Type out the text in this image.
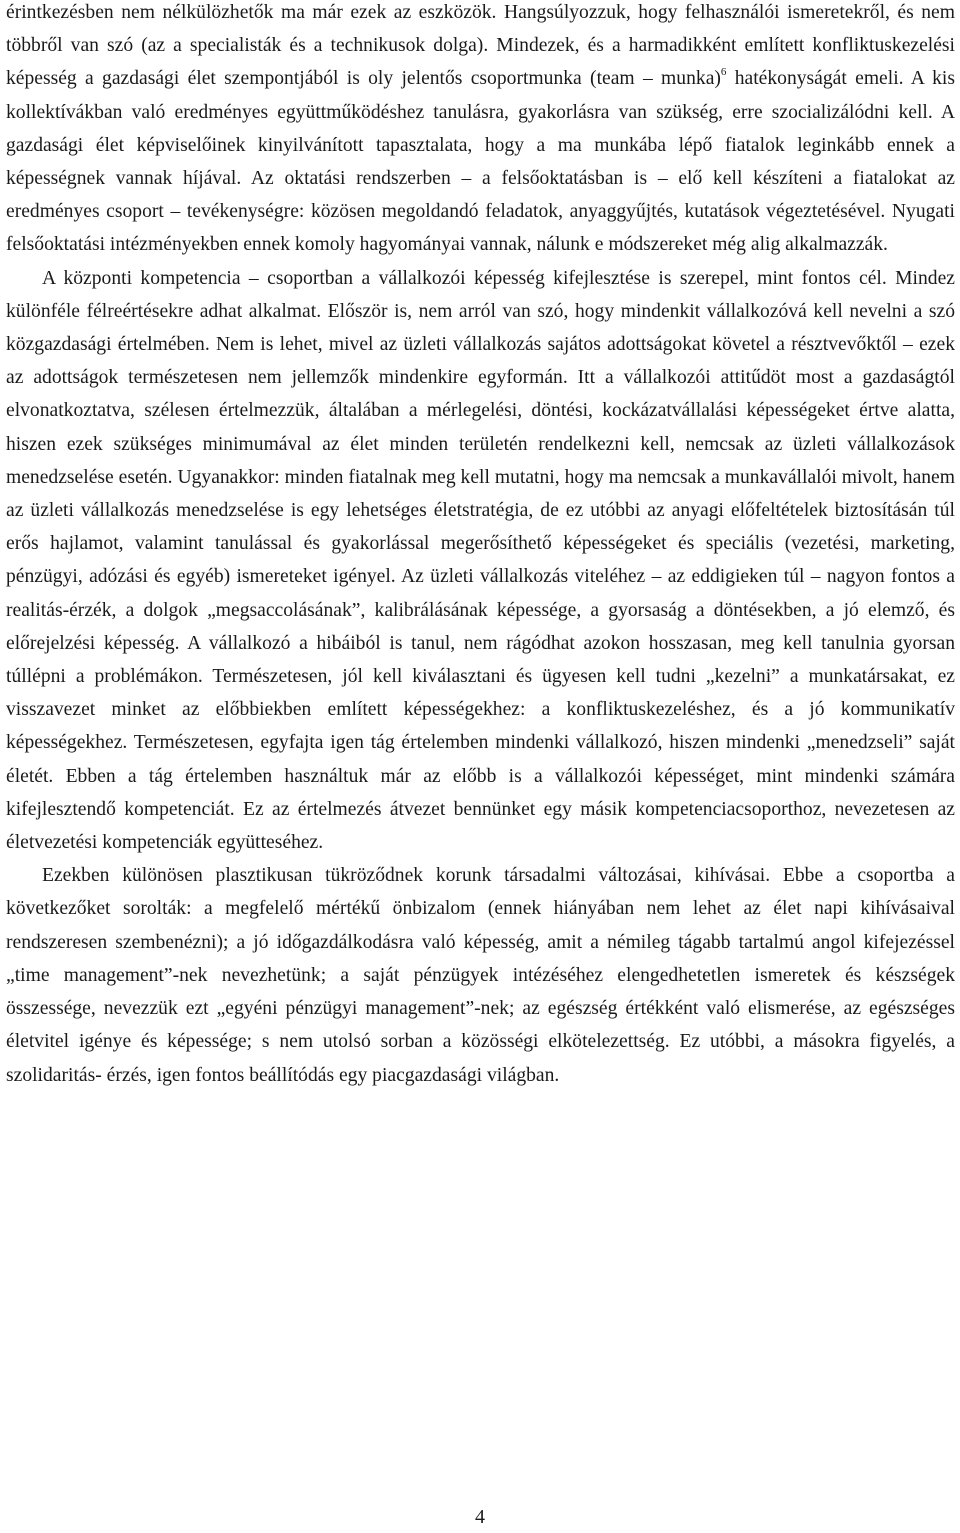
érintkezésben nem nélkülözhetők ma már ezek az eszközök. Hangsúlyozzuk, hogy felhasználói ismeretekről, és nem többről van szó (az a specialisták és a technikusok dolga). Mindezek, és a harmadikként említett konfliktuskezelési képesség a gazdasági élet szempontjából is oly jelentős csoportmunka (team – munka)$^6$ hatékonyságát emeli. A kis kollektívákban való eredményes együttműködéshez tanulásra, gyakorlásra van szükség, erre szocializálódni kell. A gazdasági élet képviselőinek kinyilvánított tapasztalata, hogy a ma munkába lépő fiatalok leginkább ennek a képességnek vannak híjával. Az oktatási rendszerben – a felsőoktatásban is – elő kell készíteni a fiatalokat az eredményes csoport – tevékenységre: közösen megoldandó feladatok, anyaggyűjtés, kutatások végeztetésével. Nyugati felsőoktatási intézményekben ennek komoly hagyományai vannak, nálunk e módszereket még alig alkalmazzák.

A központi kompetencia – csoportban a vállalkozói képesség kifejlesztése is szerepel, mint fontos cél. Mindez különféle félreértésekre adhat alkalmat. Először is, nem arról van szó, hogy mindenkit vállalkozóvá kell nevelni a szó közgazdasági értelmében. Nem is lehet, mivel az üzleti vállalkozás sajátos adottságokat követel a résztvevőktől – ezek az adottságok természetesen nem jellemzők mindenkire egyformán. Itt a vállalkozói attitűdöt most a gazdaságtól elvonatkoztatva, szélesen értelmezzük, általában a mérlegelési, döntési, kockázatvállalási képességeket értve alatta, hiszen ezek szükséges minimumával az élet minden területén rendelkezni kell, nemcsak az üzleti vállalkozások menedzselése esetén. Ugyanakkor: minden fiatalnak meg kell mutatni, hogy ma nemcsak a munkavállalói mivolt, hanem az üzleti vállalkozás menedzselése is egy lehetséges életstratégia, de ez utóbbi az anyagi előfeltételek biztosításán túl erős hajlamot, valamint tanulással és gyakorlással megerősíthető képességeket és speciális (vezetési, marketing, pénzügyi, adózási és egyéb) ismereteket igényel. Az üzleti vállalkozás viteléhez – az eddigieken túl – nagyon fontos a realitás-érzék, a dolgok „megsaccolásának”, kalibrálásának képessége, a gyorsaság a döntésekben, a jó elemző, és előrejelzési képesség. A vállalkozó a hibáiból is tanul, nem rágódhat azokon hosszasan, meg kell tanulnia gyorsan túllépni a problémákon. Természetesen, jól kell kiválasztani és ügyesen kell tudni „kezelni” a munkatársakat, ez visszavezet minket az előbbiekben említett képességekhez: a konfliktuskezeléshez, és a jó kommunikatív képességekhez. Természetesen, egyfajta igen tág értelemben mindenki vállalkozó, hiszen mindenki „menedzseli” saját életét. Ebben a tág értelemben használtuk már az előbb is a vállalkozói képességet, mint mindenki számára kifejlesztendő kompetenciát. Ez az értelmezés átvezet bennünket egy másik kompetenciacsoporthoz, nevezetesen az életvezetési kompetenciák együtteséhez.

Ezekben különösen plasztikusan tükröződnek korunk társadalmi változásai, kihívásai. Ebbe a csoportba a következőket sorolták: a megfelelő mértékű önbizalom (ennek hiányában nem lehet az élet napi kihívásaival rendszeresen szembenézni); a jó időgazdálkodásra való képesség, amit a némileg tágabb tartalmú angol kifejezéssel „time management”-nek nevezhetünk; a saját pénzügyek intézéséhez elengedhetetlen ismeretek és készségek összessége, nevezzük ezt „egyéni pénzügyi management”-nek; az egészség értékként való elismerése, az egészséges életvitel igénye és képessége; s nem utolsó sorban a közösségi elkötelezettség. Ez utóbbi, a másokra figyelés, a szolidaritás- érzés, igen fontos beállítódás egy piacgazdasági világban.

4
